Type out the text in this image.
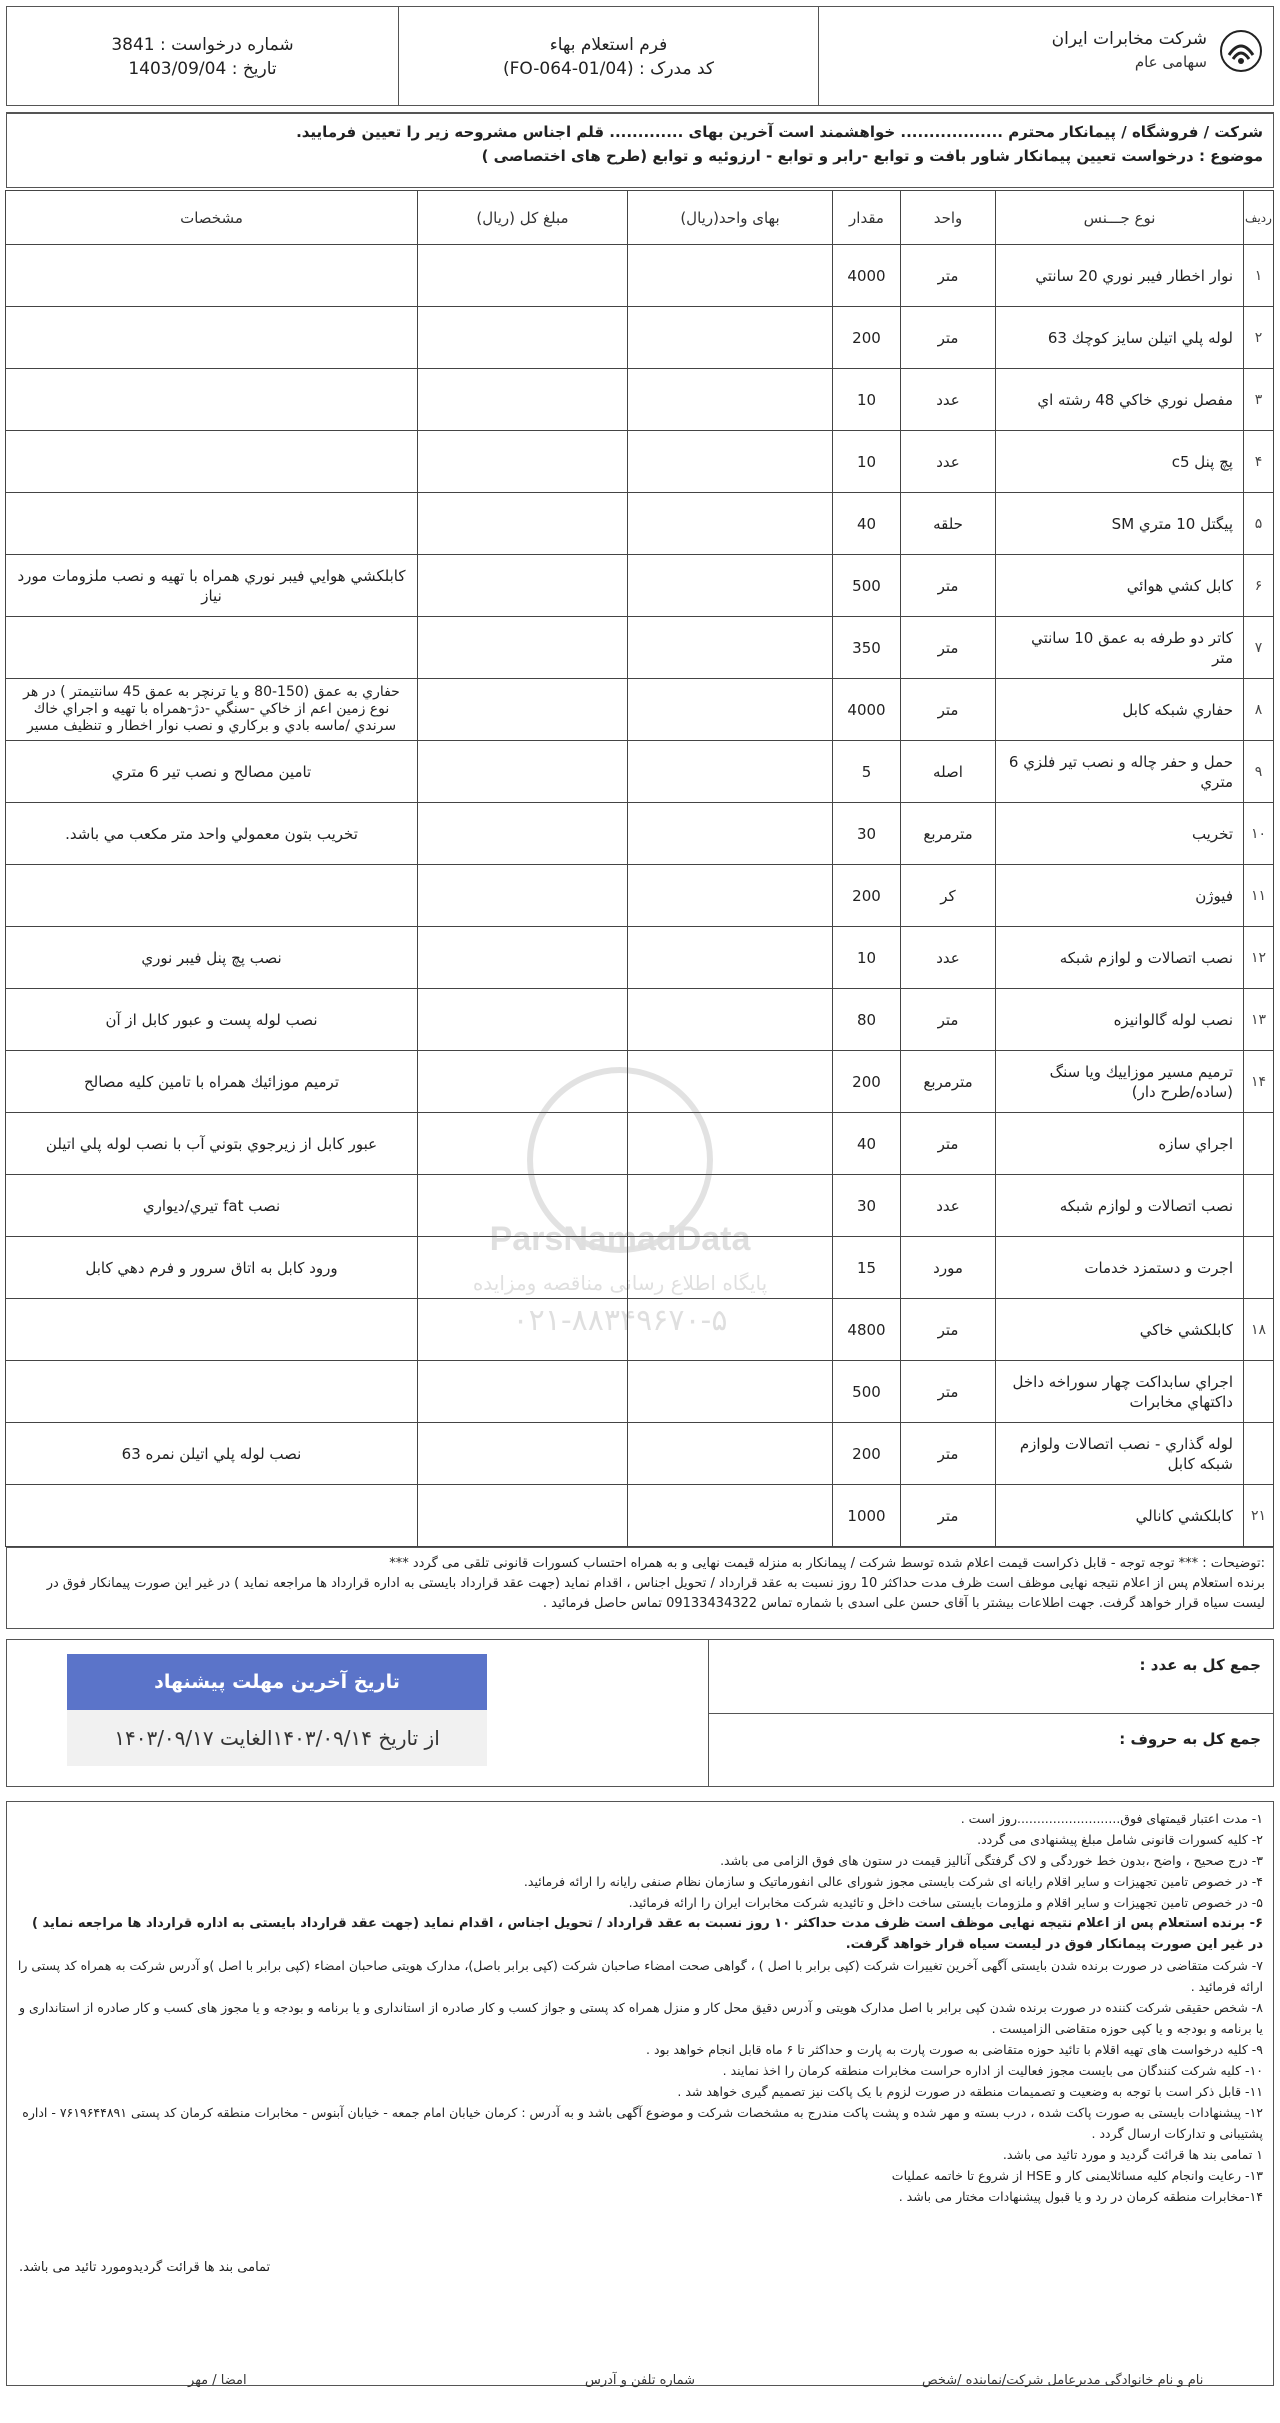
شرکت مخابرات ایران
سهامی عام
فرم استعلام بهاء
کد مدرک : (FO-064-01/04)
شماره درخواست : 3841
تاریخ : 1403/09/04
شرکت / فروشگاه / پیمانکار محترم .................. خواهشمند است آخرین بهای ............. قلم اجناس مشروحه زیر را تعیین فرمایید.
موضوع : درخواست تعیین پیمانکار شاور بافت و توابع -رابر و توابع - ارزوئیه و توابع (طرح های اختصاصی )
ردیف	نوع جـــنس	واحد	مقدار	بهای واحد(ریال)	مبلغ کل (ریال)	مشخصات
۱	نوار اخطار فيبر نوري 20 سانتي	متر	4000			
۲	لوله پلي اتيلن سايز كوچك 63	متر	200			
۳	مفصل نوري خاكي 48 رشته اي	عدد	10			
۴	پچ پنل c5	عدد	10			
۵	پيگتل 10 متري SM	حلقه	40			
۶	كابل كشي هوائي	متر	500			كابلكشي هوايي فيبر نوري همراه با تهيه و نصب ملزومات مورد نياز
۷	كاتر دو طرفه به عمق 10 سانتي متر	متر	350			
۸	حفاري شبكه كابل	متر	4000			حفاري به عمق (150-80 و يا ترنچر به عمق 45 سانتيمتر ) در هر نوع زمين اعم از خاكي -سنگي -دژ-همراه با تهيه و اجراي خاك سرندي /ماسه بادي و بركاري و نصب نوار اخطار و تنظيف مسير
۹	حمل و حفر چاله و نصب تير فلزي 6 متري	اصله	5			تامين مصالح و نصب تير 6 متري
۱۰	تخريب	مترمربع	30			تخريب بتون معمولي واحد متر مكعب مي باشد.
۱۱	فيوژن	كر	200			
۱۲	نصب اتصالات و لوازم شبكه	عدد	10			نصب پچ پنل فيبر نوري
۱۳	نصب لوله گالوانيزه	متر	80			نصب لوله پست و عبور كابل از آن
۱۴	ترميم مسير موزاييك ويا سنگ (ساده/طرح دار)	مترمربع	200			ترميم موزائيك همراه با تامين كليه مصالح
	اجراي سازه	متر	40			عبور كابل از زيرجوي بتوني آب با نصب لوله پلي اتيلن
	نصب اتصالات و لوازم شبكه	عدد	30			نصب fat تيري/ديواري
	اجرت و دستمزد خدمات	مورد	15			ورود كابل به اتاق سرور و فرم دهي كابل
۱۸	كابلكشي خاكي	متر	4800			
	اجراي سابداكت چهار سوراخه داخل داكتهاي مخابرات	متر	500			
	لوله گذاري - نصب اتصالات ولوازم شبكه كابل	متر	200			نصب لوله پلي اتيلن نمره 63
۲۱	كابلكشي كانالي	متر	1000			
:توضیحات : *** توجه توجه - قابل ذکراست قیمت اعلام شده توسط شرکت / پیمانکار به منزله قیمت نهایی و به همراه احتساب کسورات قانونی تلقی می گردد ***
برنده استعلام پس از اعلام نتیجه نهایی موظف است ظرف مدت حداکثر 10 روز نسبت به عقد قرارداد / تحویل اجناس ، اقدام نماید (جهت عقد قرارداد بایستی به اداره قرارداد ها مراجعه نماید ) در غیر این صورت پیمانکار فوق در لیست سیاه قرار خواهد گرفت. جهت اطلاعات بیشتر با آقای حسن علی اسدی با شماره تماس 09133434322 تماس حاصل فرمائید .
جمع کل به عدد :
جمع کل به حروف :
تاریخ آخرین مهلت پیشنهاد
از تاریخ ۱۴۰۳/۰۹/۱۴الغایت ۱۴۰۳/۰۹/۱۷
۱- مدت اعتبار قیمتهای فوق..........................روز است .
۲- کلیه کسورات قانونی شامل مبلغ پیشنهادی می گردد.
۳- درج صحیح ، واضح ،بدون خط خوردگی و لاک گرفتگی آنالیز قیمت در ستون های فوق الزامی می باشد.
۴- در خصوص تامین تجهیزات و سایر اقلام رایانه ای شرکت بایستی مجوز شورای عالی انفورماتیک و سازمان نظام صنفی رایانه را ارائه فرمائید.
۵- در خصوص تامین تجهیزات و سایر اقلام و ملزومات بایستی ساخت داخل و تائیدیه شرکت مخابرات ایران را ارائه فرمائید.
۶- برنده استعلام پس از اعلام نتیجه نهایی موظف است ظرف مدت حداکثر ۱۰ روز نسبت به عقد قرارداد / تحویل اجناس ، اقدام نماید (جهت عقد قرارداد بایستی به اداره قرارداد ها مراجعه نماید ) در غیر این صورت پیمانکار فوق در لیست سیاه قرار خواهد گرفت.
۷- شرکت متقاضی در صورت برنده شدن بایستی آگهی آخرین تغییرات شرکت (کپی برابر با اصل ) ، گواهی صحت امضاء صاحبان شرکت (کپی برابر باصل)، مدارک هویتی صاحبان امضاء (کپی برابر با اصل )و آدرس شرکت به همراه کد پستی را ارائه فرمائید .
۸- شخص حقیقی شرکت کننده در صورت برنده شدن کپی برابر با اصل مدارک هویتی و آدرس دقیق محل کار و منزل همراه کد پستی و جواز کسب و کار صادره از استانداری و یا برنامه و بودجه و یا مجوز های کسب و کار صادره از استانداری و یا برنامه و بودجه و یا کپی حوزه متقاضی الزامیست .
۹- کلیه درخواست های تهیه اقلام با تائید حوزه متقاضی به صورت پارت به پارت و حداکثر تا ۶ ماه قابل انجام خواهد بود .
۱۰- کلیه شرکت کنندگان می بایست مجوز فعالیت از اداره حراست مخابرات منطقه کرمان را اخذ نمایند .
۱۱- قابل ذکر است با توجه به وضعیت و تصمیمات منطقه در صورت لزوم با یک پاکت نیز تصمیم گیری خواهد شد .
۱۲- پیشنهادات بایستی به صورت پاکت شده ، درب بسته و مهر شده و پشت پاکت مندرج به مشخصات شرکت و موضوع آگهی باشد و به آدرس : کرمان خیابان امام جمعه - خیابان آبنوس - مخابرات منطقه کرمان کد پستی ۷۶۱۹۶۴۴۸۹۱ - اداره پشتیبانی و تدارکات ارسال گردد .
۱ تمامی بند ها قرائت گردید و مورد تائید می باشد.
۱۳- رعایت وانجام کلیه مسائلایمنی کار و HSE از شروع تا خاتمه عملیات
۱۴-مخابرات منطقه کرمان در رد و یا قبول پیشنهادات مختار می باشد .
تمامی بند ها قرائت گردیدومورد تائید می باشد.
ParsNamadData
پایگاه اطلاع رسانی مناقصه ومزایده
۰۲۱-۸۸۳۴۹۶۷۰-۵
نام و نام خانوادگی مدیرعامل شرکت/نماینده /شخص
شماره تلفن و آدرس
امضا / مهر
